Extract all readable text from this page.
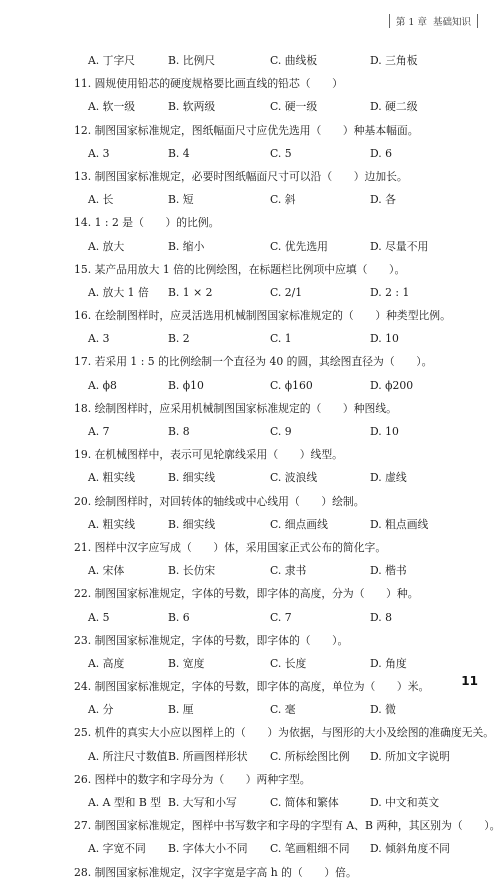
第 1 章 基础知识
A. 丁字尺	B. 比例尺	C. 曲线板	D. 三角板
11. 圆规使用铅芯的硬度规格要比画直线的铅芯（　　）
A. 软一级	B. 软两级	C. 硬一级	D. 硬二级
12. 制图国家标准规定，图纸幅面尺寸应优先选用（　　）种基本幅面。
A. 3	B. 4	C. 5	D. 6
13. 制图国家标准规定，必要时图纸幅面尺寸可以沿（　　）边加长。
A. 长	B. 短	C. 斜	D. 各
14. 1 : 2 是（　　）的比例。
A. 放大	B. 缩小	C. 优先选用	D. 尽量不用
15. 某产品用放大 1 倍的比例绘图，在标题栏比例项中应填（　　）。
A. 放大 1 倍 B. 1 × 2	C. 2/1	D. 2 : 1
16. 在绘制图样时，应灵活选用机械制图国家标准规定的（　　）种类型比例。
A. 3	B. 2	C. 1	D. 10
17. 若采用 1 : 5 的比例绘制一个直径为 40 的圆，其绘图直径为（　　）。
A. ϕ8	B. ϕ10	C. ϕ160	D. ϕ200
18. 绘制图样时，应采用机械制图国家标准规定的（　　）种图线。
A. 7	B. 8	C. 9	D. 10
19. 在机械图样中，表示可见轮廓线采用（　　）线型。
A. 粗实线	B. 细实线	C. 波浪线	D. 虚线
20. 绘制图样时，对回转体的轴线或中心线用（　　）绘制。
A. 粗实线	B. 细实线	C. 细点画线	D. 粗点画线
21. 图样中汉字应写成（　　）体，采用国家正式公布的简化字。
A. 宋体	B. 长仿宋	C. 隶书	D. 楷书
22. 制图国家标准规定，字体的号数，即字体的高度，分为（　　）种。
A. 5	B. 6	C. 7	D. 8
23. 制图国家标准规定，字体的号数，即字体的（　　）。
A. 高度	B. 宽度	C. 长度	D. 角度
24. 制图国家标准规定，字体的号数，即字体的高度，单位为（　　）米。
A. 分	B. 厘	C. 毫	D. 微
25. 机件的真实大小应以图样上的（　　）为依据，与图形的大小及绘图的准确度无关。
A. 所注尺寸数值 B. 所画图样形状 C. 所标绘图比例 D. 所加文字说明
26. 图样中的数字和字母分为（　　）两种字型。
A. A 型和 B 型 B. 大写和小写	C. 简体和繁体	D. 中文和英文
27. 制图国家标准规定，图样中书写数字和字母的字型有 A、B 两种，其区别为（　　）。
A. 字宽不同 B. 字体大小不同 C. 笔画粗细不同 D. 倾斜角度不同
28. 制图国家标准规定，汉字字宽是字高 h 的（　　）倍。
11
